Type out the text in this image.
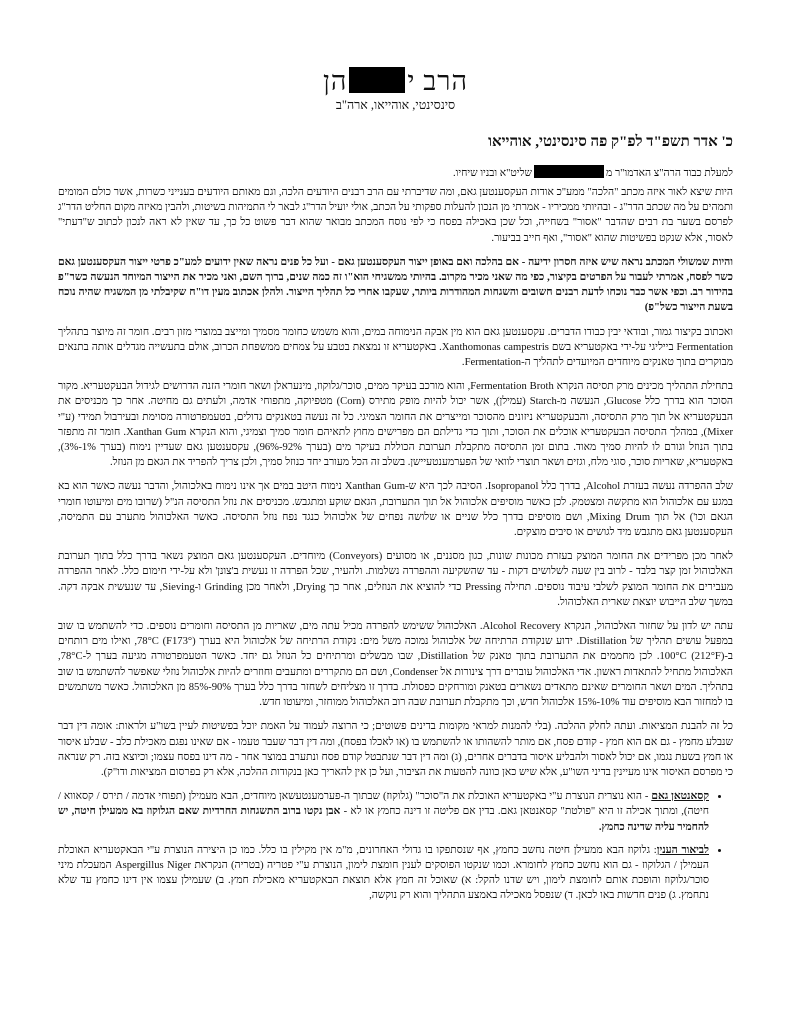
הרב יהן
סינסינטי, אוהייאו, ארה"ב
כ' אדר תשפ"ד לפ"ק פה סינסינטי, אוהייאו
למעלת כבוד הרה"צ האדמו"ר משליט"א ובניו שיחיו.

היות שיצא לאור איזה מכתב "הלכה" ממע"כ אודות העקסענטען גאם, ומה שדיברתי עם הרב רבנים היודעים הלכה, וגם מאותם היודעים בענייני כשרות, אשר כולם המומים ותמהים על מה שכתב הדר"ג - ובהיותי ממכיריו - אמרתי מן הנכון להעלות ספקותי על הכתב, אולי יועיל הדר"ג לבאר לי התמיהות בשיטות, ולהבין מאיזה מקום החליט הדר"ג לפרסם בשער בת רבים שהדבר "אסור" בשחייה, וכל שכן באכילה בפסח כי לפי נוסח המכתב מבואר שהוא דבר פשוט כל כך, עד שאין לא ראה לנכון לכתוב ש"דעתי" לאסור, אלא שנקט בפשיטות שהוא "אסור", ואף חייב בביעור.

והיות שמשולי המכתב נראה שיש איזה חסרון ידיעה - אם בהלכה ואם באופן ייצור העקסענטען גאם - ועל כל פנים נראה שאין ידועים למע"כ פרטי ייצור העקסענטען גאם כשר לפסח, אמרתי לעבור על הפרטים בקיצור, כפי מה שאני מכיר מקרוב. בהיותי ממשגיחי הוא"ו זה כמה שנים, ברוך השם, ואני מכיר את הייצור המיוחד הנעשה כשר"פ בהידור רב. וכפי אשר כבר נוכחו לדעת רבנים חשובים והשגחות המהודרות ביותר, שעקבו אחרי כל תהליך הייצור. ולהלן אכתוב מעין דו"ח שקיבלתי מן המשגיח שהיה נוכח בשעת הייצור כשל"פ)

ואכתוב בקיצור גמור, ובודאי יבין כבודו הדברים. עקסענטען גאם הוא מין אבקה הנימוחה במים, והוא משמש כחומר מסמיך ומייצב במוצרי מזון רבים. חומר זה מיוצר בתהליך Fermentation בייליגי על-ידי באקטעריא בשם Xanthomonas campestris. באקטעריא זו נמצאת בטבע על צמחים ממשפחת הכרוב, אולם בתעשייה מגדלים אותה בתנאים מבוקרים בתוך טאנקים מיוחדים המיועדים לתהליך ה-Fermentation.

בתחילת התהליך מכינים מרק תסיסה הנקרא Fermentation Broth, והוא מורכב בעיקר ממים, סוכר/גלוקוז, מינעראלן ושאר חומרי הזנה הדרושים לגידול הבעקטעריא. מקור הסוכר הוא בדרך כלל Glucose, הנעשה מ-Starch (עמילן), אשר יכול להיות מופק מתירס (Corn) מטפיוקה, מתפוחי אדמה, ולעתים גם מחיטה. אחר כך מכניסים את הבעקטעריא אל תוך מרק התסיסה, והבעקטעריא ניזונים מהסוכר ומייצרים את החומר הצמיגי. כל זה נעשה בטאנקים גדולים, בטעמפרטורה מסוימת ובעירבול תמידי (ע"י Mixer), במהלך התסיסה הבעקטעריא אוכלים את הסוכר, ותוך כדי גדילתם הם מפרישים מחוץ לתאיהם חומר סמיך וצמיגי, והוא הנקרא Xanthan Gum. חומר זה מתפזר בתוך הנוזל וגורם לו להיות סמיך מאוד. בתום זמן התסיסה מתקבלת תערובת הכוללת בעיקר מים (בערך 92%-96%), עקסענטען גאם שעדיין נימוח (בערך 1%-3%), באקטעריא, שאריות סוכר, סוגי מלח, וגזים ושאר תוצרי לוואי של הפערמענטעיישן. בשלב זה הכל מעורב יחד כנוזל סמיך, ולכן צריך להפריד את הגאם מן הנוזל.

שלב ההפרדה נעשה בעזרת Alcohol, בדרך כלל Isopropanol. הסיבה לכך היא ש-Xanthan Gum נימוח היטב במים אך אינו נימוח באלכוהול, והדבר נעשה כאשר הוא בא במגע עם אלכוהול הוא מתקשה ומצטמק. לכן כאשר מוסיפים אלכוהול אל תוך התערובת, הגאם שוקע ומתגבש. מכניסים את נוזל התסיסה הנ"ל (שרובו מים ומיעוטו חומרי הגאם וכו') אל תוך Mixing Drum, ושם מוסיפים בדרך כלל שניים או שלושה נפחים של אלכוהול כנגד נפח נוזל התסיסה. כאשר האלכוהול מתערב עם התמיסה, העקסענטען גאם מתגבש מיד לגושים או סיבים מוצקים.

לאחר מכן מפרידים את החומר המוצק בעזרת מכונות שונות, כגון מסננים, או מסועים (Conveyors) מיוחדים. העקסענטען גאם המוצק נשאר בדרך כלל בתוך תערובת האלכוהול זמן קצר בלבד - לרוב בין שעה לשלושים דקות - עד שהשקיעה וההפרדה נשלמות. ולהעיר, שכל הפרדה זו נעשית ב'צונן' ולא על-ידי חימום כלל. לאחר ההפרדה מעבירים את החומר המוצק לשלבי עיבוד נוספים. תחילה Pressing כדי להוציא את הנוזלים, אחר כך Drying, ולאחר מכן Grinding ו-Sieving, עד שנעשית אבקה דקה. במשך שלב הייבוש יוצאת שארית האלכוהול.

עתה יש לדון על שחזור האלכוהול, הנקרא Alcohol Recovery. האלכוהול ששימש להפרדה מכיל עתה מים, שאריות מן התסיסה וחומרים נוספים. כדי להשתמש בו שוב במפעל עושים תהליך של Distillation. ידוע שנקודת הרתיחה של אלכוהול נמוכה משל מים: נקודת הרתיחה של אלכוהול היא בערך 78°C (F173°), ואילו מים רותחים ב-100°C (212°F). לכן מחממים את התערובת בתוך טאנק של Distillation, שבו מבשלים ומרתיחים כל הנוזל גם יחד. כאשר הטעמפרטורה מגיעה בערך ל-78°C, האלכוהול מתחיל להתאדות ראשון. אדי האלכוהול עוברים דרך צינורות אל Condenser, ושם הם מתקררים ומתעבים וחוזרים להיות אלכוהול נוזלי שאפשר להשתמש בו שוב בתהליך. המים ושאר החומרים שאינם מתאדים נשארים בטאנק ומורחקים כפסולת. בדרך זו מצליחים לשחזר בדרך כלל בערך 90%-85% מן האלכוהול. כאשר משתמשים בו למחזור הבא מוסיפים עוד 10%-15% אלכוהול חדש, וכך מתקבלת תערובת שבה רוב האלכוהול ממוחזר, ומיעוטו חדש.

כל זה להבנת המציאות. ועתה לחלק ההלכה. (בלי להמנות למראי מקומות בדינים פשוטים; כי הרוצה לעמוד על האמת יוכל בפשיטות לעיין בשו"ע ולראות: אומה דין דבר שנבלע מחמץ - גם אם הוא חמץ - קודם פסח, אם מותר להשהותו או להשתמש בו (או לאכלו בפסח), ומה דין דבר שעבר טעמו - אם שאינו נפגם מאכילת כלב - שבלע איסור או חמץ בשעת נגמו, אם יכול לאסור ולהבליע איסור בדברים אחרים, (ג) ומה דין דבר שנתבטל קודם פסח ונתערב במוצר אחר - מה דינו בפסח עצמו; וכיוצא בזה. רק שנראה כי מפרסם האיסור אינו מעיינין בדיני השו"ע, אלא שיש כאן כוונה להטעות את הציבור, ועל כן אין להאריך כאן בנקודות ההלכה, אלא רק בפרסום המציאות ודו"ק).

• קסאנטאן גאם - הוא נוצרית הנוצרת ע"י באקטעריא האוכלת את ה"סוכר" (גלוקוז) שבתוך ה-פערמענטעשאן מיוחדים, הבא מעמילן (תפוחי אדמה / תירס / קסאווא / חיטה), ומתוך אכילה זו היא "פולטת" קסאנטאן גאם. בדין אם פליטה זו דינה כחמץ או לא - אבן נקטו ברוב התשגחות החרדיות שאם הגלוקוז בא ממעילן חיטה, יש להחמיר עליה שדינה כחמץ.
• לביאור הענין: גלוקוז הבא ממעילן חיטה נחשב כחמץ, אף שנסתפקו בו גדולי האחרונים, מ"מ אין מקילין בו כלל. כמו כן היצירה הנוצרת ע"י הבאקטעריא האוכלת העמילן / הגלוקוז - גם הוא נחשב כחמץ לחומרא. וכמו שנקטו הפוסקים לענין חומצת לימון, הנוצרת ע"י פטריה (בטריה) הנקראת Aspergillus Niger המעכלת מיני סוכר/גלוקוז והופכת אותם לחומצת לימון, ויש שדנו להקל: א) שאוכל זה חמץ אלא תוצאת הבאקטעריא מאכילת חמץ. ב) שעמילן עצמו אין דינו כחמץ עד שלא נתחמץ. ג) פנים חדשות באו לכאן. ד) שנפסל מאכילה באמצע התהליך והוא רק נוקשה,
